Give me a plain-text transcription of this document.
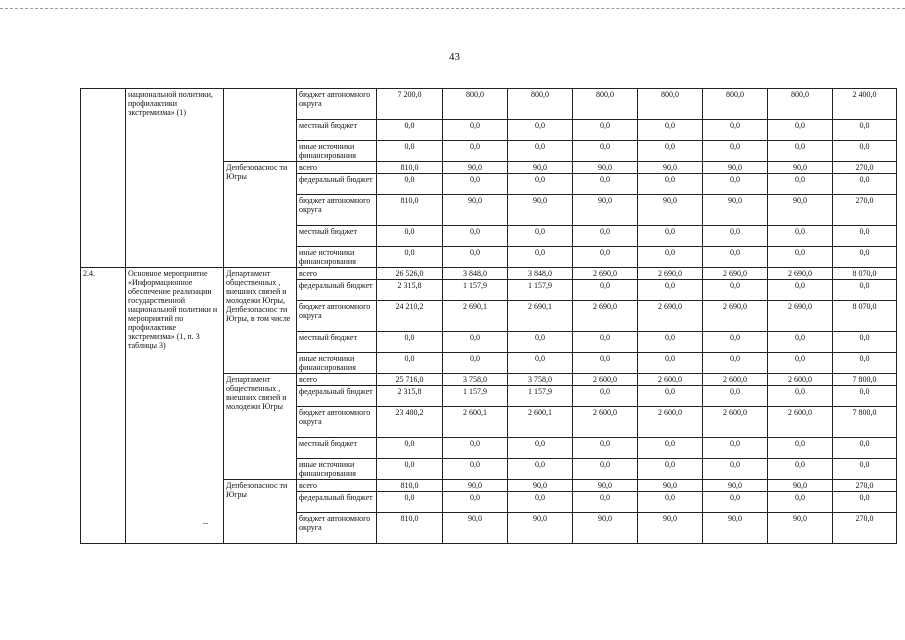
43
–
	национальной политики, профилактики экстремизма» (1)		бюджет автономного округа	7 200,0	800,0	800,0	800,0	800,0	800,0	800,0	2 400,0
			местный бюджет	0,0	0,0	0,0	0,0	0,0	0,0	0,0	0,0
			иные источники финансирования	0,0	0,0	0,0	0,0	0,0	0,0	0,0	0,0
		Депбезопаснос ти Югры	всего	810,0	90,0	90,0	90,0	90,0	90,0	90,0	270,0
			федеральный бюджет	0,0	0,0	0,0	0,0	0,0	0,0	0,0	0,0
			бюджет автономного округа	810,0	90,0	90,0	90,0	90,0	90,0	90,0	270,0
			местный бюджет	0,0	0,0	0,0	0,0	0,0	0,0	0,0	0,0
			иные источники финансирования	0,0	0,0	0,0	0,0	0,0	0,0	0,0	0,0
2.4.	Основное мероприятие «Информационное обеспечение реализации государственной национальной политики и мероприятий по профилактике экстремизма» (1, п. 3 таблицы 3)	Департамент общественных , внешних связей и молодежи Югры, Депбезопаснос ти Югры, в том числе	всего	26 526,0	3 848,0	3 848,0	2 690,0	2 690,0	2 690,0	2 690,0	8 070,0
			федеральный бюджет	2 315,8	1 157,9	1 157,9	0,0	0,0	0,0	0,0	0,0
			бюджет автономного округа	24 210,2	2 690,1	2 690,1	2 690,0	2 690,0	2 690,0	2 690,0	8 070,0
			местный бюджет	0,0	0,0	0,0	0,0	0,0	0,0	0,0	0,0
			иные источники финансирования	0,0	0,0	0,0	0,0	0,0	0,0	0,0	0,0
		Департамент общественных , внешних связей и молодежи Югры	всего	25 716,0	3 758,0	3 758,0	2 600,0	2 600,0	2 600,0	2 600,0	7 800,0
			федеральный бюджет	2 315,8	1 157,9	1 157,9	0,0	0,0	0,0	0,0	0,0
			бюджет автономного округа	23 400,2	2 600,1	2 600,1	2 600,0	2 600,0	2 600,0	2 600,0	7 800,0
			местный бюджет	0,0	0,0	0,0	0,0	0,0	0,0	0,0	0,0
			иные источники финансирования	0,0	0,0	0,0	0,0	0,0	0,0	0,0	0,0
		Депбезопаснос ти Югры	всего	810,0	90,0	90,0	90,0	90,0	90,0	90,0	270,0
			федеральный бюджет	0,0	0,0	0,0	0,0	0,0	0,0	0,0	0,0
			бюджет автономного округа	810,0	90,0	90,0	90,0	90,0	90,0	90,0	270,0
